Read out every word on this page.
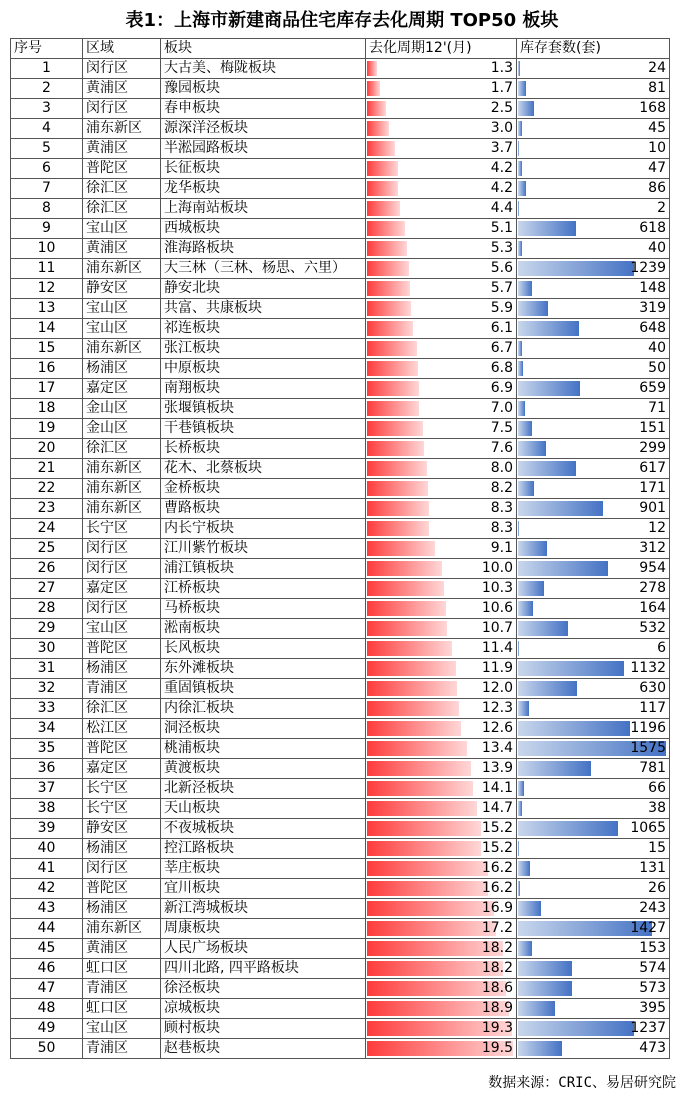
表1：上海市新建商品住宅库存去化周期 TOP50 板块
序号	区域	板块	去化周期12'(月)	库存套数(套)
1	闵行区	大古美、梅陇板块	1.3	24

2	黄浦区	豫园板块	1.7	81

3	闵行区	春申板块	2.5	168

4	浦东新区	源深洋泾板块	3.0	45

5	黄浦区	半淞园路板块	3.7	10

6	普陀区	长征板块	4.2	47

7	徐汇区	龙华板块	4.2	86

8	徐汇区	上海南站板块	4.4	2

9	宝山区	西城板块	5.1	618

10	黄浦区	淮海路板块	5.3	40

11	浦东新区	大三林（三林、杨思、六里）	5.6	1239

12	静安区	静安北块	5.7	148

13	宝山区	共富、共康板块	5.9	319

14	宝山区	祁连板块	6.1	648

15	浦东新区	张江板块	6.7	40

16	杨浦区	中原板块	6.8	50

17	嘉定区	南翔板块	6.9	659

18	金山区	张堰镇板块	7.0	71

19	金山区	干巷镇板块	7.5	151

20	徐汇区	长桥板块	7.6	299

21	浦东新区	花木、北蔡板块	8.0	617

22	浦东新区	金桥板块	8.2	171

23	浦东新区	曹路板块	8.3	901

24	长宁区	内长宁板块	8.3	12

25	闵行区	江川紫竹板块	9.1	312

26	闵行区	浦江镇板块	10.0	954

27	嘉定区	江桥板块	10.3	278

28	闵行区	马桥板块	10.6	164

29	宝山区	淞南板块	10.7	532

30	普陀区	长风板块	11.4	6

31	杨浦区	东外滩板块	11.9	1132

32	青浦区	重固镇板块	12.0	630

33	徐汇区	内徐汇板块	12.3	117

34	松江区	洞泾板块	12.6	1196

35	普陀区	桃浦板块	13.4	1575

36	嘉定区	黄渡板块	13.9	781

37	长宁区	北新泾板块	14.1	66

38	长宁区	天山板块	14.7	38

39	静安区	不夜城板块	15.2	1065

40	杨浦区	控江路板块	15.2	15

41	闵行区	莘庄板块	16.2	131

42	普陀区	宜川板块	16.2	26

43	杨浦区	新江湾城板块	16.9	243

44	浦东新区	周康板块	17.2	1427

45	黄浦区	人民广场板块	18.2	153

46	虹口区	四川北路, 四平路板块	18.2	574

47	青浦区	徐泾板块	18.6	573

48	虹口区	凉城板块	18.9	395

49	宝山区	顾村板块	19.3	1237

50	青浦区	赵巷板块	19.5	473
数据来源：CRIC、易居研究院
